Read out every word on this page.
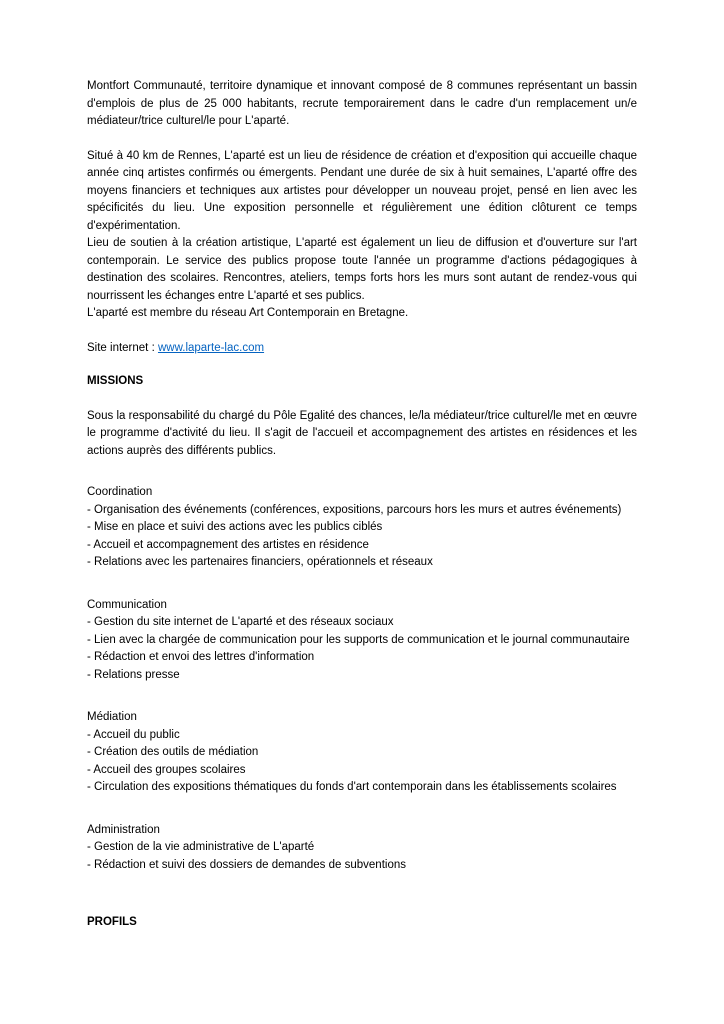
Montfort Communauté, territoire dynamique et innovant composé de 8 communes représentant un bassin d'emplois de plus de 25 000 habitants, recrute temporairement dans le cadre d'un remplacement un/e médiateur/trice culturel/le pour L'aparté.

Situé à 40 km de Rennes, L'aparté est un lieu de résidence de création et d'exposition qui accueille chaque année cinq artistes confirmés ou émergents. Pendant une durée de six à huit semaines, L'aparté offre des moyens financiers et techniques aux artistes pour développer un nouveau projet, pensé en lien avec les spécificités du lieu. Une exposition personnelle et régulièrement une édition clôturent ce temps d'expérimentation.

Lieu de soutien à la création artistique, L'aparté est également un lieu de diffusion et d'ouverture sur l'art contemporain. Le service des publics propose toute l'année un programme d'actions pédagogiques à destination des scolaires. Rencontres, ateliers, temps forts hors les murs sont autant de rendez-vous qui nourrissent les échanges entre L'aparté et ses publics.

L'aparté est membre du réseau Art Contemporain en Bretagne.

Site internet : www.laparte-lac.com

MISSIONS

Sous la responsabilité du chargé du Pôle Egalité des chances, le/la médiateur/trice culturel/le met en œuvre le programme d'activité du lieu. Il s'agit de l'accueil et accompagnement des artistes en résidences et les actions auprès des différents publics.

Coordination

- Organisation des événements (conférences, expositions, parcours hors les murs et autres événements)
- Mise en place et suivi des actions avec les publics ciblés
- Accueil et accompagnement des artistes en résidence
- Relations avec les partenaires financiers, opérationnels et réseaux

Communication

- Gestion du site internet de L'aparté et des réseaux sociaux
- Lien avec la chargée de communication pour les supports de communication et le journal communautaire
- Rédaction et envoi des lettres d'information
- Relations presse

Médiation

- Accueil du public
- Création des outils de médiation
- Accueil des groupes scolaires
- Circulation des expositions thématiques du fonds d'art contemporain dans les établissements scolaires

Administration

- Gestion de la vie administrative de L'aparté
- Rédaction et suivi des dossiers de demandes de subventions

PROFILS
